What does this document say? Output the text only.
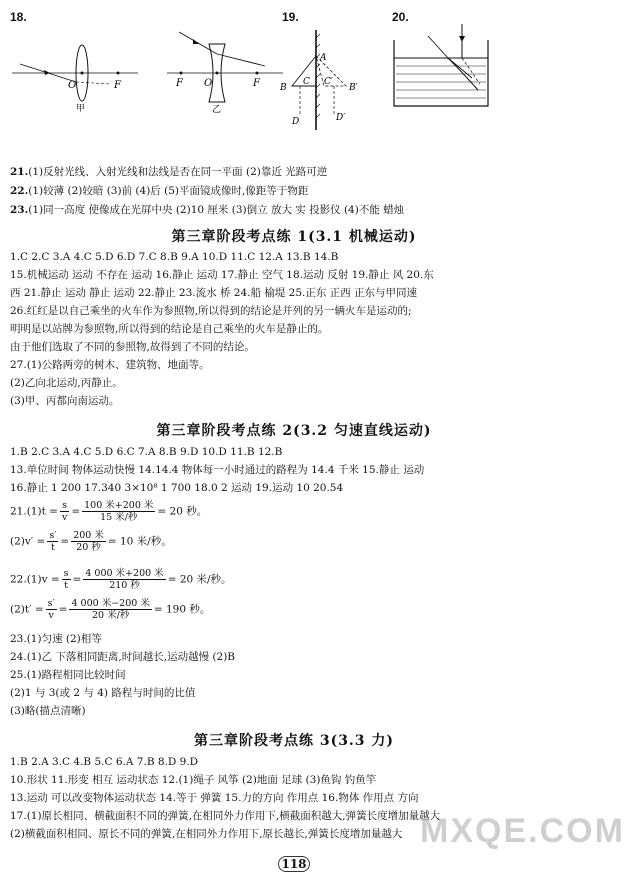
18.
O	F
甲
F O	F
乙
19.
A
B
C C′
B′
D	D′
20.
21.(1)反射光线、入射光线和法线是否在同一平面 (2)靠近 光路可逆
22.(1)较薄 (2)较暗 (3)前 (4)后 (5)平面镜成像时,像距等于物距
23.(1)同一高度 使像成在光屏中央 (2)10 厘米 (3)倒立 放大 实 投影仪 (4)不能 蜡烛
第三章阶段考点练 1(3.1 机械运动)
1.C 2.C 3.A 4.C 5.D 6.D 7.C 8.B 9.A 10.D 11.C 12.A 13.B 14.B
15.机械运动 运动 不存在 运动 16.静止 运动 17.静止 空气 18.运动 反射 19.静止 风 20.东
西 21.静止 运动 静止 运动 22.静止 23.流水 桥 24.船 榆堤 25.正东 正西 正东与甲同速
26.红红是以自己乘坐的火车作为参照物,所以得到的结论是并列的另一辆火车是运动的;
明明是以站牌为参照物,所以得到的结论是自己乘坐的火车是静止的。
由于他们选取了不同的参照物,故得到了不同的结论。
27.(1)公路两旁的树木、建筑物、地面等。
(2)乙向北运动,丙静止。
(3)甲、丙都向南运动。
第三章阶段考点练 2(3.2 匀速直线运动)
1.B 2.C 3.A 4.C 5.D 6.C 7.A 8.B 9.D 10.D 11.B 12.B
13.单位时间 物体运动快慢 14.14.4 物体每一小时通过的路程为 14.4 千米 15.静止 运动
16.静止 1 200 17.340 3×10⁸ 1 700 18.0 2 运动 19.运动 10 20.54
$21.(1)t = \frac{s}{v} = \frac{\text{100 米+200 米}}{\text{15 米/秒}} = 20$ 秒。
$(2)v' = \frac{s'}{t} = \frac{\text{200 米}}{\text{20 秒}} = 10$ 米/秒。
$22.(1)v = \frac{s}{t} = \frac{\text{4 000 米+200 米}}{\text{210 秒}} = 20$ 米/秒。
$(2)t' = \frac{s'}{v} = \frac{\text{4 000 米−200 米}}{\text{20 米/秒}} = 190$ 秒。
23.(1)匀速 (2)相等
24.(1)乙 下落相同距离,时间越长,运动越慢 (2)B
25.(1)路程相同比较时间
(2)1 与 3(或 2 与 4) 路程与时间的比值
(3)略(描点清晰)
第三章阶段考点练 3(3.3 力)
1.B 2.A 3.C 4.B 5.C 6.A 7.B 8.D 9.D
10.形状 11.形变 相互 运动状态 12.(1)绳子 风筝 (2)地面 足球 (3)鱼钩 钓鱼竿
13.运动 可以改变物体运动状态 14.等于 弹簧 15.力的方向 作用点 16.物体 作用点 方向
17.(1)原长相同、横截面积不同的弹簧,在相同外力作用下,横截面积越大,弹簧长度增加量越大
(2)横截面积相同、原长不同的弹簧,在相同外力作用下,原长越长,弹簧长度增加量越大 MXQE.COM
118
